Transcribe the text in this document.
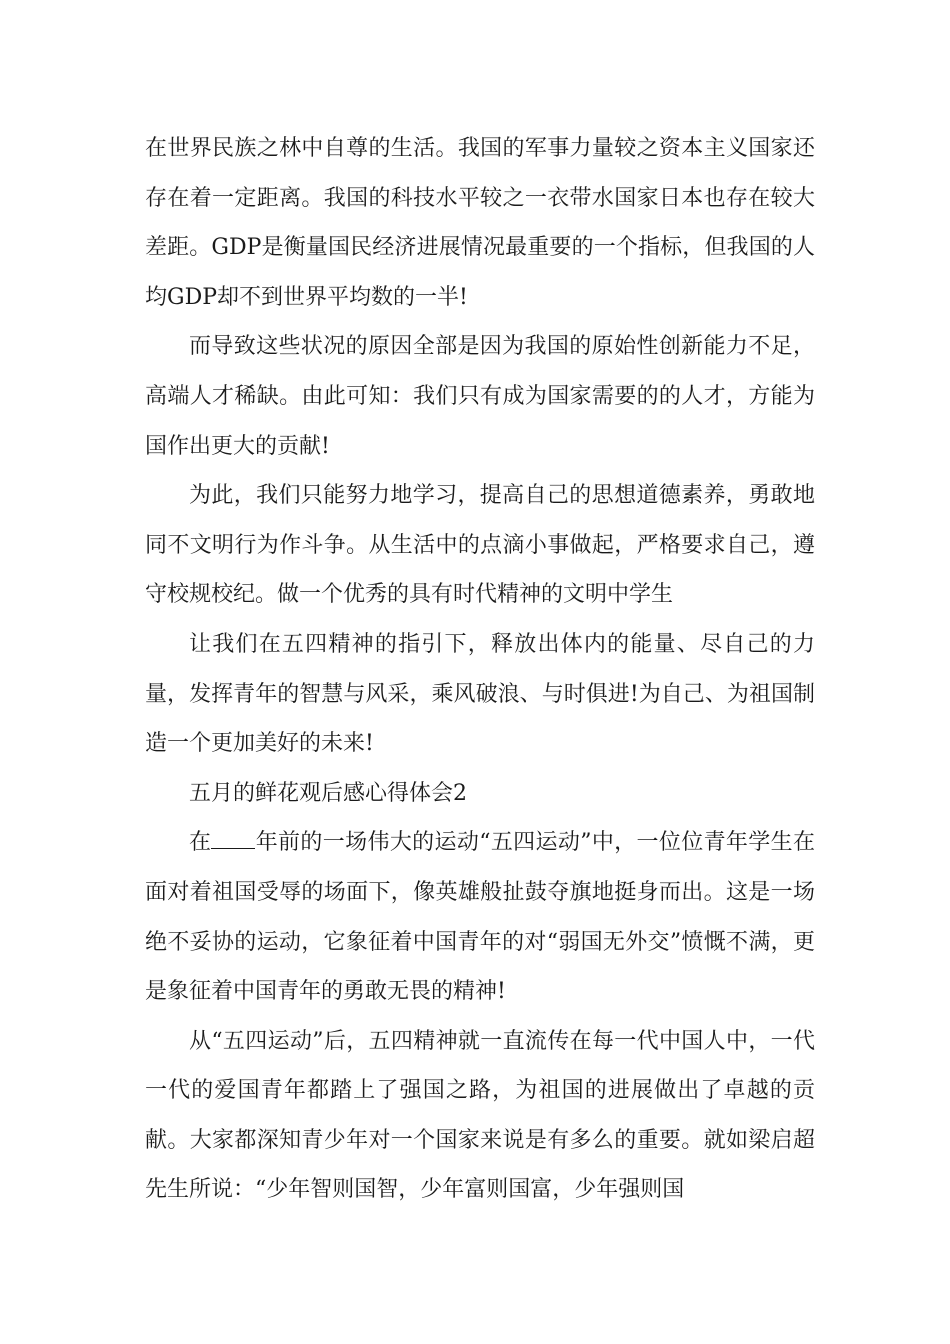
在世界民族之林中自尊的生活。我国的军事力量较之资本主义国家还存在着一定距离。我国的科技水平较之一衣带水国家日本也存在较大差距。GDP是衡量国民经济进展情况最重要的一个指标，但我国的人均GDP却不到世界平均数的一半!

而导致这些状况的原因全部是因为我国的原始性创新能力不足，高端人才稀缺。由此可知：我们只有成为国家需要的的人才，方能为国作出更大的贡献!

为此，我们只能努力地学习，提高自己的思想道德素养，勇敢地同不文明行为作斗争。从生活中的点滴小事做起，严格要求自己，遵守校规校纪。做一个优秀的具有时代精神的文明中学生

让我们在五四精神的指引下，释放出体内的能量、尽自己的力量，发挥青年的智慧与风采，乘风破浪、与时俱进!为自己、为祖国制造一个更加美好的未来!

五月的鲜花观后感心得体会2

在 年前的一场伟大的运动“五四运动”中，一位位青年学生在面对着祖国受辱的场面下，像英雄般扯鼓夺旗地挺身而出。这是一场绝不妥协的运动，它象征着中国青年的对“弱国无外交”愤慨不满，更是象征着中国青年的勇敢无畏的精神!

从“五四运动”后，五四精神就一直流传在每一代中国人中，一代一代的爱国青年都踏上了强国之路，为祖国的进展做出了卓越的贡献。大家都深知青少年对一个国家来说是有多么的重要。就如梁启超先生所说：“少年智则国智，少年富则国富，少年强则国
